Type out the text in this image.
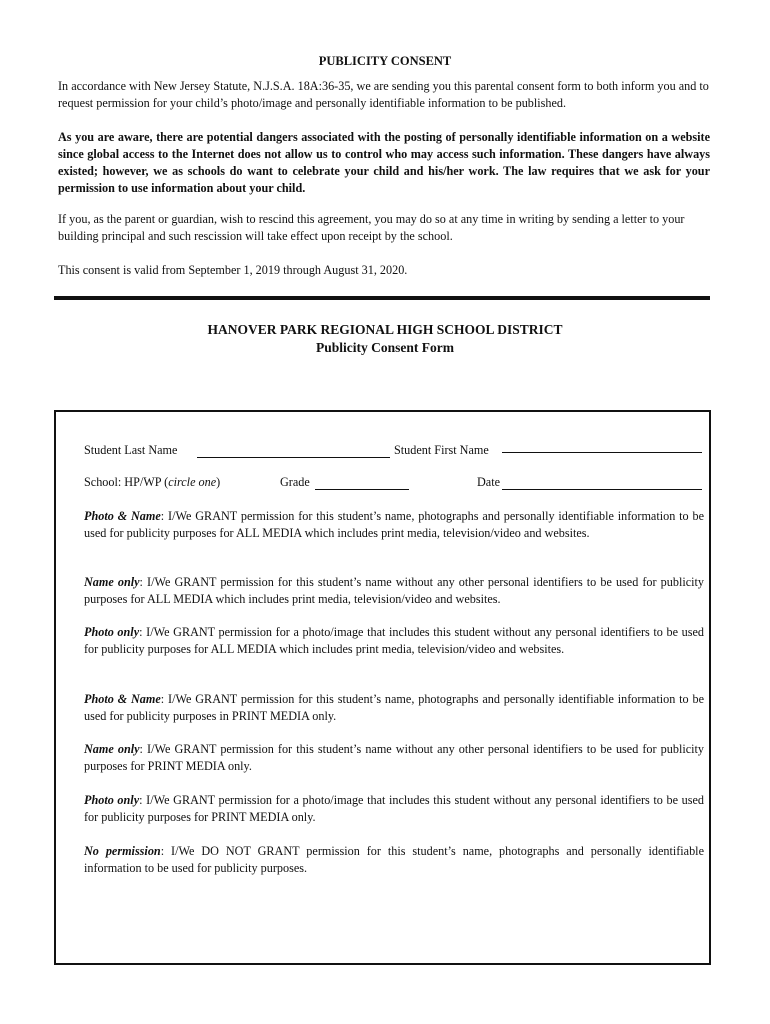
PUBLICITY CONSENT

In accordance with New Jersey Statute, N.J.S.A. 18A:36-35, we are sending you this parental consent form to both inform you and to request permission for your child’s photo/image and personally identifiable information to be published.

As you are aware, there are potential dangers associated with the posting of personally identifiable information on a website since global access to the Internet does not allow us to control who may access such information. These dangers have always existed; however, we as schools do want to celebrate your child and his/her work. The law requires that we ask for your permission to use information about your child.

If you, as the parent or guardian, wish to rescind this agreement, you may do so at any time in writing by sending a letter to your building principal and such rescission will take effect upon receipt by the school.

This consent is valid from September 1, 2019 through August 31, 2020.

HANOVER PARK REGIONAL HIGH SCHOOL DISTRICT
Publicity Consent Form
Student Last Name	Student First Name
School: HP/WP (circle one)	Grade	Date

Photo & Name: I/We GRANT permission for this student’s name, photographs and personally identifiable information to be used for publicity purposes for ALL MEDIA which includes print media, television/video and websites.

Name only: I/We GRANT permission for this student’s name without any other personal identifiers to be used for publicity purposes for ALL MEDIA which includes print media, television/video and websites.

Photo only: I/We GRANT permission for a photo/image that includes this student without any personal identifiers to be used for publicity purposes for ALL MEDIA which includes print media, television/video and websites.

Photo & Name: I/We GRANT permission for this student’s name, photographs and personally identifiable information to be used for publicity purposes in PRINT MEDIA only.

Name only: I/We GRANT permission for this student’s name without any other personal identifiers to be used for publicity purposes for PRINT MEDIA only.

Photo only: I/We GRANT permission for a photo/image that includes this student without any personal identifiers to be used for publicity purposes for PRINT MEDIA only.

No permission: I/We DO NOT GRANT permission for this student’s name, photographs and personally identifiable information to be used for publicity purposes.
